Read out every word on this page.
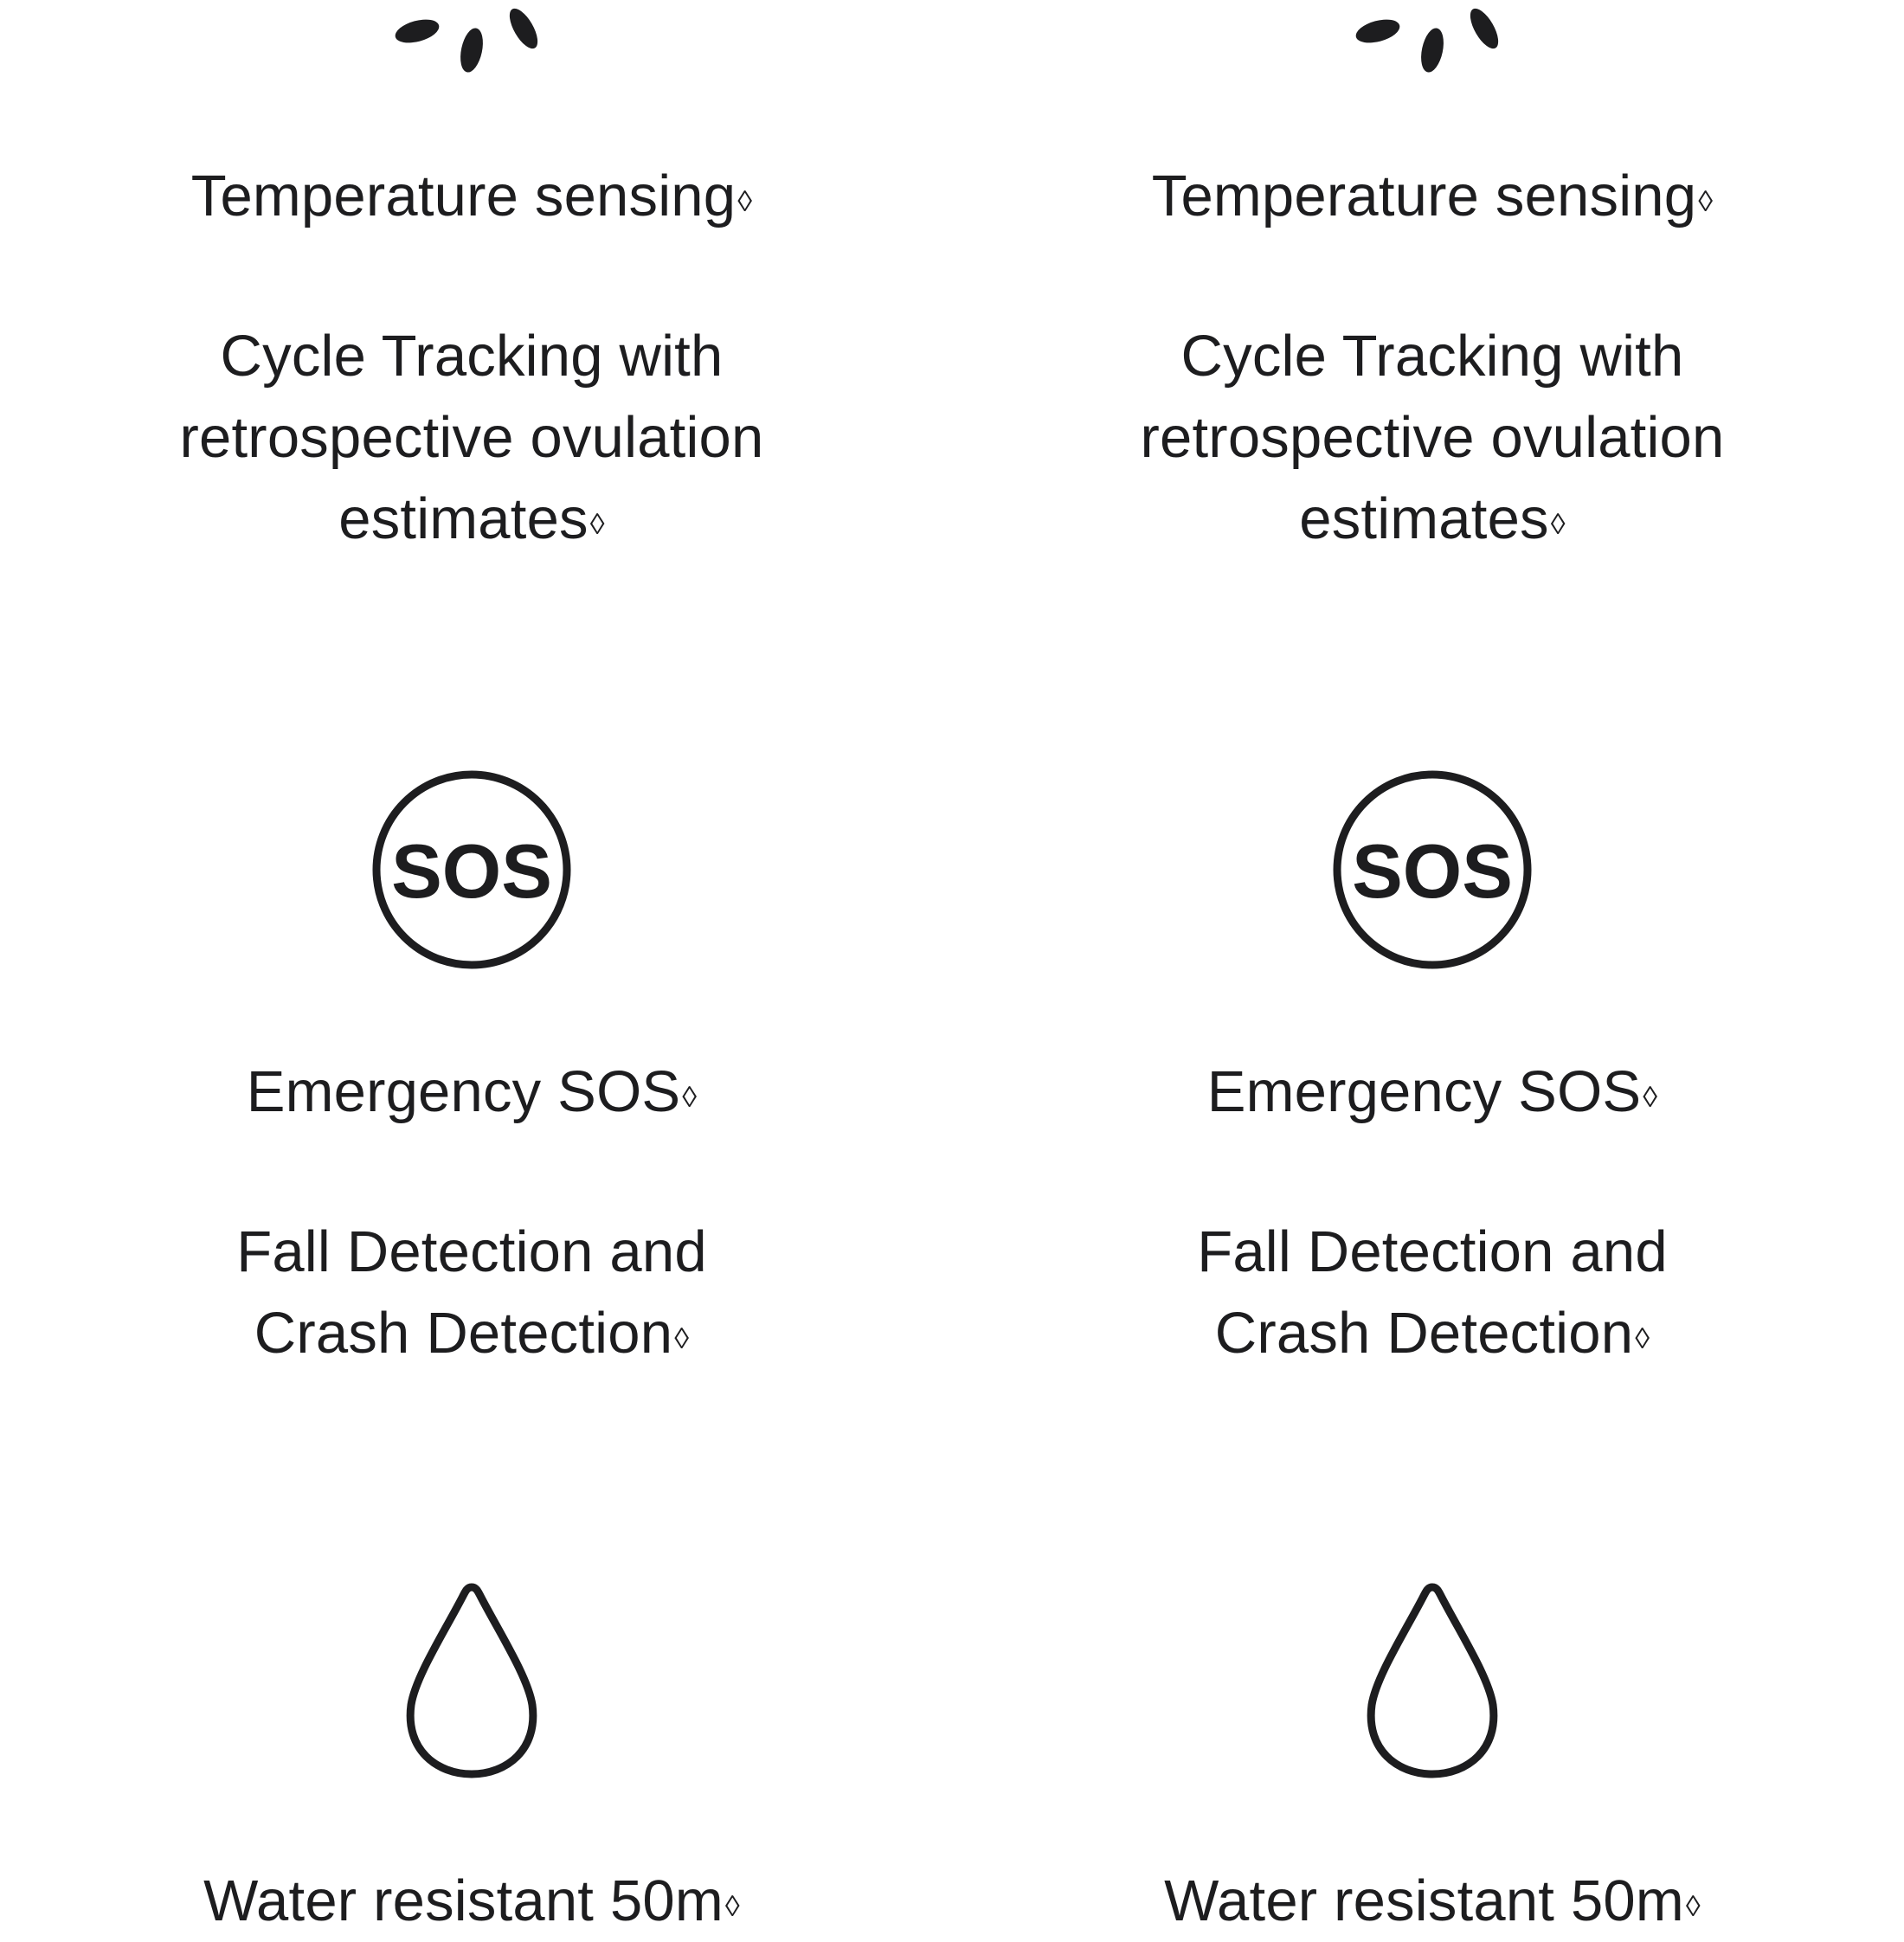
Temperature sensing◊
Cycle Tracking with
retrospective ovulation
estimates◊
SOS
Emergency SOS◊
Fall Detection and
Crash Detection◊
Water resistant 50m◊
Temperature sensing◊
Cycle Tracking with
retrospective ovulation
estimates◊
SOS
Emergency SOS◊
Fall Detection and
Crash Detection◊
Water resistant 50m◊
